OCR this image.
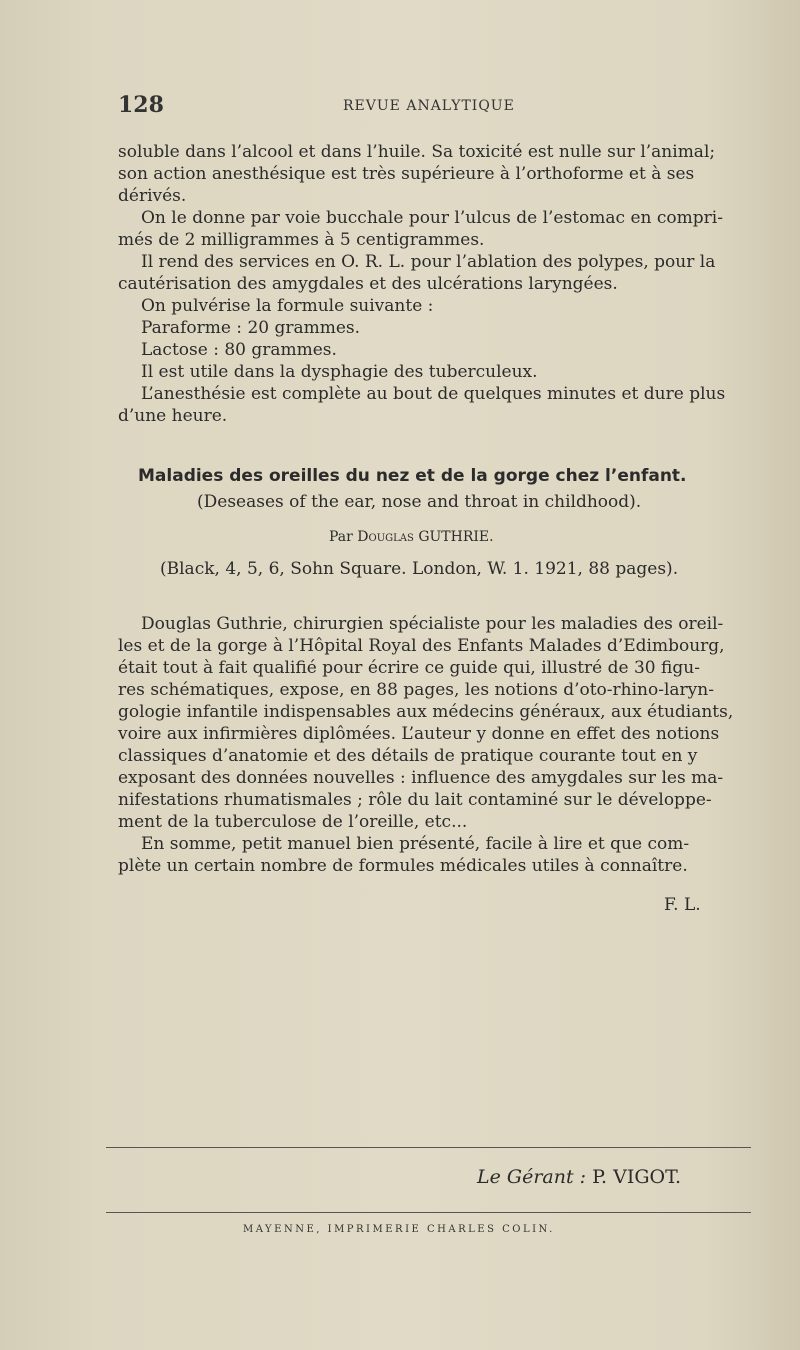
128	REVUE ANALYTIQUE

soluble dans l’alcool et dans l’huile. Sa toxicité est nulle sur l’animal;

son action anesthésique est très supérieure à l’orthoforme et à ses

dérivés.

On le donne par voie bucchale pour l’ulcus de l’estomac en compri-

més de 2 milligrammes à 5 centigrammes.

Il rend des services en O. R. L. pour l’ablation des polypes, pour la

cautérisation des amygdales et des ulcérations laryngées.

On pulvérise la formule suivante :

Paraforme : 20 grammes.

Lactose : 80 grammes.

Il est utile dans la dysphagie des tuberculeux.

L’anesthésie est complète au bout de quelques minutes et dure plus

d’une heure.

Maladies des oreilles du nez et de la gorge chez l’enfant.
(Deseases of the ear, nose and throat in childhood).
Par Douglas GUTHRIE.
(Black, 4, 5, 6, Sohn Square. London, W. 1. 1921, 88 pages).

Douglas Guthrie, chirurgien spécialiste pour les maladies des oreil-

les et de la gorge à l’Hôpital Royal des Enfants Malades d’Edimbourg,

était tout à fait qualifié pour écrire ce guide qui, illustré de 30 figu-

res schématiques, expose, en 88 pages, les notions d’oto-rhino-laryn-

gologie infantile indispensables aux médecins généraux, aux étudiants,

voire aux infirmières diplômées. L’auteur y donne en effet des notions

classiques d’anatomie et des détails de pratique courante tout en y

exposant des données nouvelles : influence des amygdales sur les ma-

nifestations rhumatismales ; rôle du lait contaminé sur le développe-

ment de la tuberculose de l’oreille, etc...

En somme, petit manuel bien présenté, facile à lire et que com-

plète un certain nombre de formules médicales utiles à connaître.

F. L.
Le Gérant : P. VIGOT.
MAYENNE, IMPRIMERIE CHARLES COLIN.
